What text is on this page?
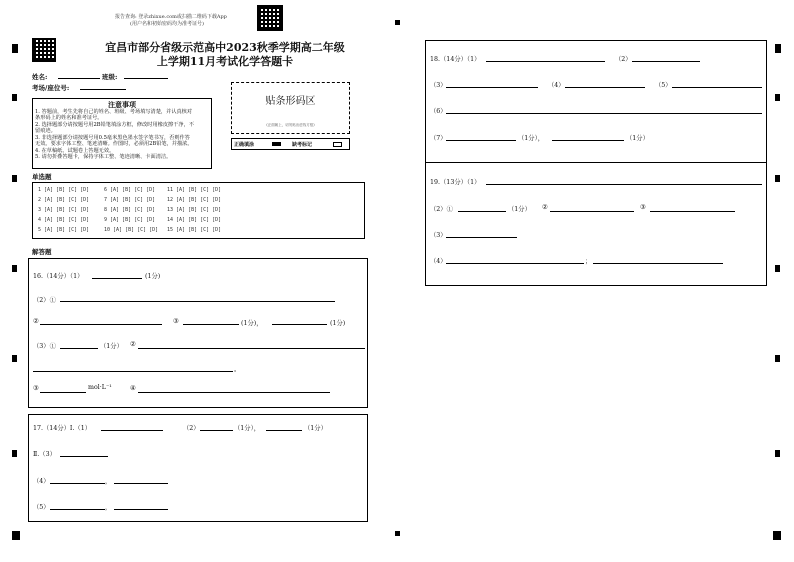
报告查询: 登录zhixue.com或扫描二维码下载App
(用户名和初始密码均为准考证号)
宜昌市部分省级示范高中2023秋季学期高二年级
上学期11月考试化学答题卡
姓名:	班级:
考场/座位号:
注意事项
1. 答题前，考生先将自己的姓名、班级、考场填写清楚，并认真核对
条形码上的姓名和准考证号。
2. 选择题部分请按题号用2B铅笔填涂方框，修改时用橡皮擦干净，不
留痕迹。
3. 非选择题部分请按题号用0.5毫米黑色墨水签字笔书写，否则作答
无效。要求字体工整、笔迹清晰。作图时，必须用2B铅笔，并描浓。
4. 在草稿纸、试题卷上答题无效。
5. 请勿折叠答题卡，保持字体工整、笔迹清晰、卡面清洁。
贴条形码区
(正面朝上，切勿贴出虚线方框)
正确填涂	缺考标记
单选题
1 [A] [B] [C] [D]	6 [A] [B] [C] [D] 11 [A] [B] [C] [D]
2 [A] [B] [C] [D]	7 [A] [B] [C] [D] 12 [A] [B] [C] [D]
3 [A] [B] [C] [D]	8 [A] [B] [C] [D] 13 [A] [B] [C] [D]
4 [A] [B] [C] [D]	9 [A] [B] [C] [D] 14 [A] [B] [C] [D]
5 [A] [B] [C] [D]	10 [A] [B] [C] [D] 15 [A] [B] [C] [D]
解答题
16.（14分）（1）	(1分)
（2）①
②	③	(1分)，	(1分)
（3）①	（1分） ②
。
③	mol·L⁻¹	④
17.（14分）Ⅰ.（1）	（2）	（1分），	（1分）
Ⅱ.（3）
（4）	，
（5）	，
18.（14分）（1）	（2）
（3）	（4）	（5）
（6）
（7）	（1分），	（1分）
19.（13分）（1）
（2）①	（1分） ②	③
（3）
（4）	；
